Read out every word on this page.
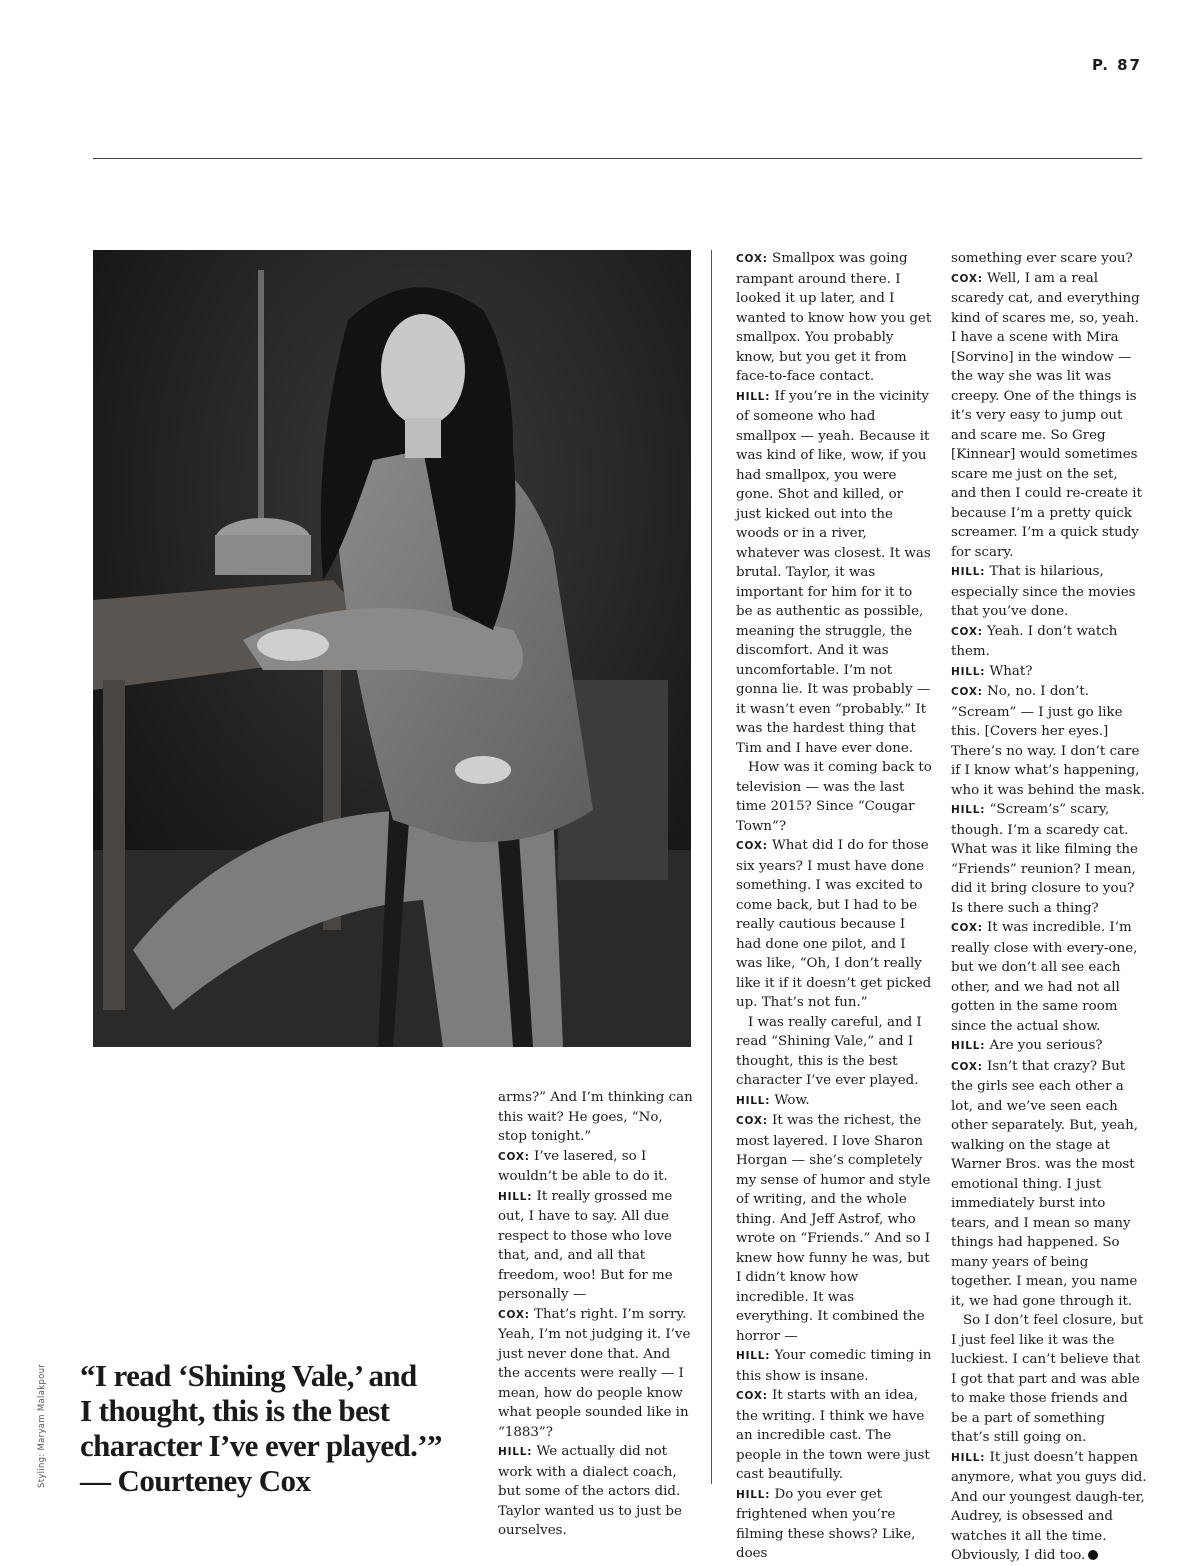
P. 87
Styling: Maryam Malakpour “I read ‘Shining Vale,’ and

I thought, this is the best

character I’ve ever played.’”

— Courteney Cox

arms?” And I’m thinking can this wait? He goes, “No, stop tonight.”

COX: I’ve lasered, so I wouldn’t be able to do it.

HILL: It really grossed me out, I have to say. All due respect to those who love that, and, and all that freedom, woo! But for me personally —

COX: That’s right. I’m sorry. Yeah, I’m not judging it. I’ve just never done that. And the accents were really — I mean, how do people know what people sounded like in “1883”?

HILL: We actually did not work with a dialect coach, but some of the actors did. Taylor wanted us to just be ourselves.

COX: Smallpox was going rampant around there. I looked it up later, and I wanted to know how you get smallpox. You probably know, but you get it from face-to-face contact.

HILL: If you’re in the vicinity of someone who had smallpox — yeah. Because it was kind of like, wow, if you had smallpox, you were gone. Shot and killed, or just kicked out into the woods or in a river, whatever was closest. It was brutal. Taylor, it was important for him for it to be as authentic as possible, meaning the struggle, the discomfort. And it was uncomfortable. I’m not gonna lie. It was probably — it wasn’t even “probably.” It was the hardest thing that Tim and I have ever done.

How was it coming back to television — was the last time 2015? Since “Cougar Town”?

COX: What did I do for those six years? I must have done something. I was excited to come back, but I had to be really cautious because I had done one pilot, and I was like, “Oh, I don’t really like it if it doesn’t get picked up. That’s not fun.”

I was really careful, and I read “Shining Vale,” and I thought, this is the best character I’ve ever played.

HILL: Wow.

COX: It was the richest, the most layered. I love Sharon Horgan — she’s completely my sense of humor and style of writing, and the whole thing. And Jeff Astrof, who wrote on “Friends.” And so I knew how funny he was, but I didn’t know how incredible. It was everything. It combined the horror —

HILL: Your comedic timing in this show is insane.

COX: It starts with an idea, the writing. I think we have an incredible cast. The people in the town were just cast beautifully.

HILL: Do you ever get frightened when you’re filming these shows? Like, does

something ever scare you?

COX: Well, I am a real scaredy cat, and everything kind of scares me, so, yeah. I have a scene with Mira [Sorvino] in the window — the way she was lit was creepy. One of the things is it’s very easy to jump out and scare me. So Greg [Kinnear] would sometimes scare me just on the set, and then I could re-create it because I’m a pretty quick screamer. I’m a quick study for scary.

HILL: That is hilarious, especially since the movies that you’ve done.

COX: Yeah. I don’t watch them.

HILL: What?

COX: No, no. I don’t. “Scream” — I just go like this. [Covers her eyes.] There’s no way. I don’t care if I know what’s happening, who it was behind the mask.

HILL: “Scream’s” scary, though. I’m a scaredy cat. What was it like filming the “Friends” reunion? I mean, did it bring closure to you? Is there such a thing?

COX: It was incredible. I’m really close with every-one, but we don’t all see each other, and we had not all gotten in the same room since the actual show.

HILL: Are you serious?

COX: Isn’t that crazy? But the girls see each other a lot, and we’ve seen each other separately. But, yeah, walking on the stage at Warner Bros. was the most emotional thing. I just immediately burst into tears, and I mean so many things had happened. So many years of being together. I mean, you name it, we had gone through it.

So I don’t feel closure, but I just feel like it was the luckiest. I can’t believe that I got that part and was able to make those friends and be a part of something that’s still going on.

HILL: It just doesn’t happen anymore, what you guys did. And our youngest daugh-ter, Audrey, is obsessed and watches it all the time. Obviously, I did too.
